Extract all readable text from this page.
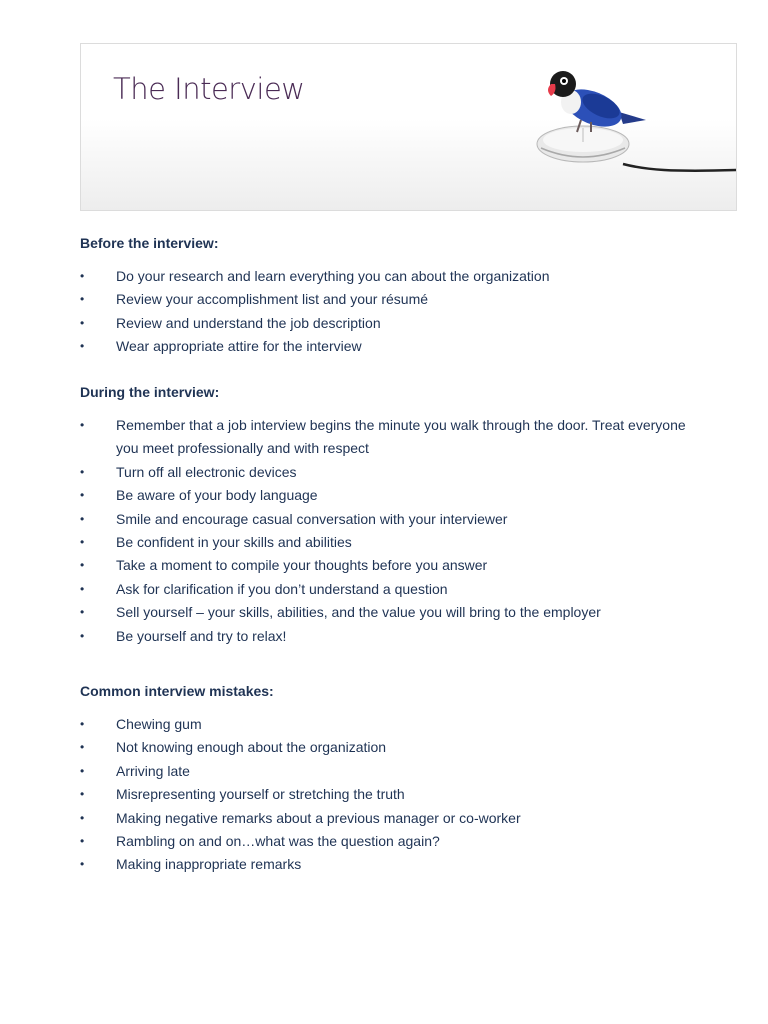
The Interview
Before the interview:
• Do your research and learn everything you can about the organization
• Review your accomplishment list and your résumé
• Review and understand the job description
• Wear appropriate attire for the interview
During the interview:
• Remember that a job interview begins the minute you walk through the door. Treat everyone you meet professionally and with respect
• Turn off all electronic devices
• Be aware of your body language
• Smile and encourage casual conversation with your interviewer
• Be confident in your skills and abilities
• Take a moment to compile your thoughts before you answer
• Ask for clarification if you don’t understand a question
• Sell yourself – your skills, abilities, and the value you will bring to the employer
• Be yourself and try to relax!
Common interview mistakes:
• Chewing gum
• Not knowing enough about the organization
• Arriving late
• Misrepresenting yourself or stretching the truth
• Making negative remarks about a previous manager or co-worker
• Rambling on and on…what was the question again?
• Making inappropriate remarks
